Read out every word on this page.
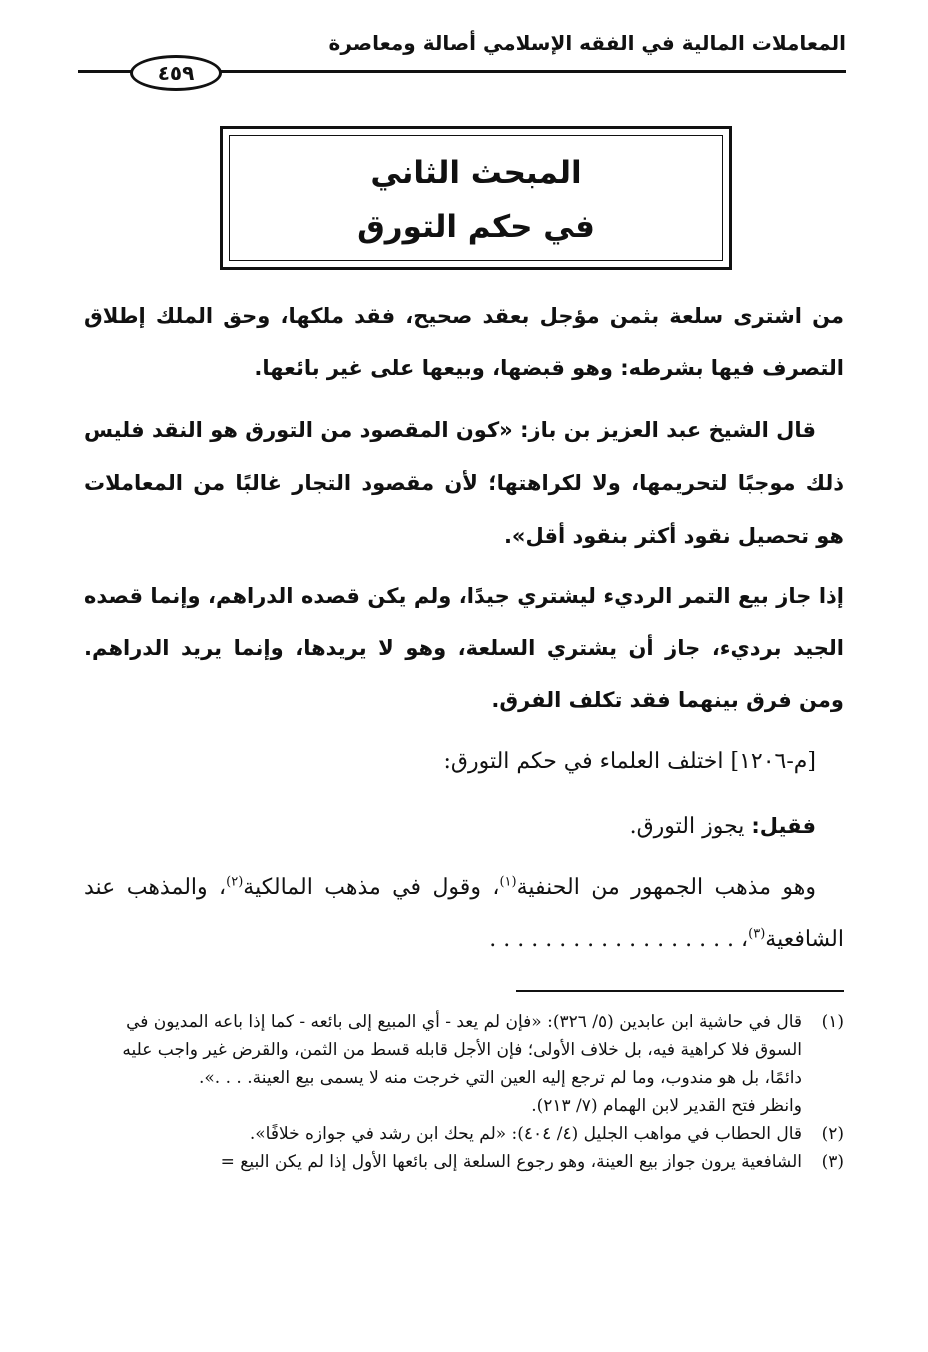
المعاملات المالية في الفقه الإسلامي أصالة ومعاصرة
٤٥٩
المبحث الثاني
في حكم التورق
من اشترى سلعة بثمن مؤجل بعقد صحيح، فقد ملكها، وحق الملك إطلاق التصرف فيها بشرطه: وهو قبضها، وبيعها على غير بائعها.
قال الشيخ عبد العزيز بن باز: «كون المقصود من التورق هو النقد فليس ذلك موجبًا لتحريمها، ولا لكراهتها؛ لأن مقصود التجار غالبًا من المعاملات هو تحصيل نقود أكثر بنقود أقل».
إذا جاز بيع التمر الرديء ليشتري جيدًا، ولم يكن قصده الدراهم، وإنما قصده الجيد برديء، جاز أن يشتري السلعة، وهو لا يريدها، وإنما يريد الدراهم. ومن فرق بينهما فقد تكلف الفرق.
[م-١٢٠٦] اختلف العلماء في حكم التورق:
فقيل: يجوز التورق.
وهو مذهب الجمهور من الحنفية$^{(١)}$، وقول في مذهب المالكية$^{(٢)}$، والمذهب عند الشافعية$^{(٣)}$، . . . . . . . . . . . . . . . . . .
(١)
قال في حاشية ابن عابدين (٥/ ٣٢٦): «فإن لم يعد - أي المبيع إلى بائعه - كما إذا باعه المديون في السوق فلا كراهية فيه، بل خلاف الأولى؛ فإن الأجل قابله قسط من الثمن، والقرض غير واجب عليه دائمًا، بل هو مندوب، وما لم ترجع إليه العين التي خرجت منه لا يسمى بيع العينة. . . .».
وانظر فتح القدير لابن الهمام (٧/ ٢١٣).
(٢)
قال الحطاب في مواهب الجليل (٤/ ٤٠٤): «لم يحك ابن رشد في جوازه خلافًا».
(٣)
الشافعية يرون جواز بيع العينة، وهو رجوع السلعة إلى بائعها الأول إذا لم يكن البيع =
